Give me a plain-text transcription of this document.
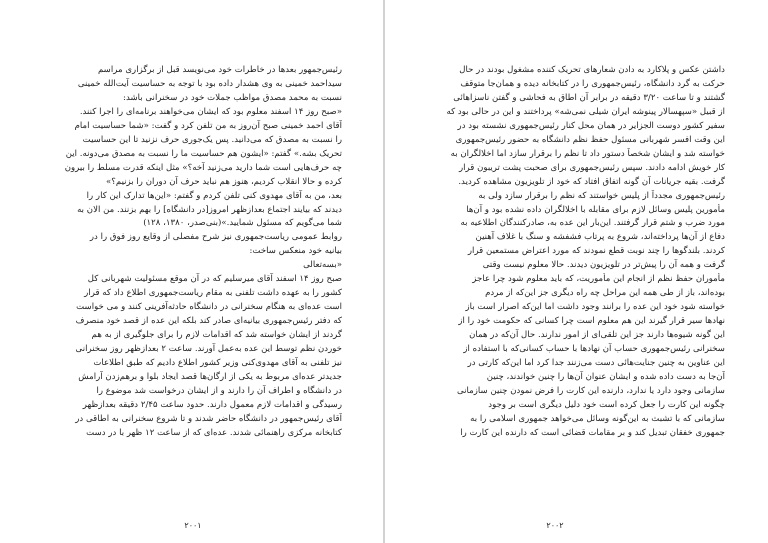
رئیس‌جمهور بعدها در خاطرات خود می‌نویسد قبل از برگزاری مراسم
سیداحمد خمینی به وی هشدار داده بود با توجه به حساسیت آیت‌الله خمینی
نسبت به محمد مصدق مواظب جملات خود در سخنرانی باشد:
«صبح روز ۱۴ اسفند معلوم بود که ایشان می‌خواهند برنامه‌ای را اجرا کنند.
آقای احمد خمینی صبح آن‌روز به من تلفن کرد و گفت: «شما حساسیت امام
را نسبت به مصدق که می‌دانید. پس یک‌جوری حرف نزنید تا این حساسیت
تحریک بشه.» گفتم: «ایشون هم حساسیت ما را نسبت به مصدق می‌دونه. این
چه حرف‌هایی است شما دارید می‌زنید آخه؟» مثل اینکه قدرت مسلط را بیرون
کرده و حالا انقلاب کردیم، هنوز هم نباید حرف آن دوران را بزنیم؟»
بعد، من به آقای مهدوی کنی تلفن کردم و گفتم: «این‌ها تدارک این کار را
دیدند که بیایند اجتماع بعدازظهر امروز[در دانشگاه] را بهم بزنند. من الان به
شما می‌گویم که مسئول شمایید.»(بنی‌صدر، ۱۳۸۰، ۱۲۸)
روابط عمومی ریاست‌جمهوری نیز شرح مفصلی از وقایع روز فوق را در
بیانیه خود منعکس ساخت:
«بسه‌تعالی
صبح روز ۱۴ اسفند آقای میرسلیم که در آن موقع مسئولیت شهربانی کل
کشور را به عهده داشت تلفنی به مقام ریاست‌جمهوری اطلاع داد که قرار
است عده‌ای به هنگام سخنرانی در دانشگاه حادثه‌آفرینی کنند و می خواست
که دفتر رئیس‌جمهوری بیانیه‌ای صادر کند بلکه این عده از قصد خود منصرف
گردند از ایشان خواسته شد که اقدامات لازم را برای جلوگیری از به هم
خوردن نظم توسط این عده به‌عمل آورند. ساعت ۲ بعدازظهر روز سخنرانی
نیز تلفنی به آقای مهدوی‌کنی وزیر کشور اطلاع دادیم که طبق اطلاعات
جدیدتر عده‌ای مربوط به یکی از ارگان‌ها قصد ایجاد بلوا و برهم‌زدن آرامش
در دانشگاه و اطراف آن را دارند و از ایشان درخواست شد موضوع را
رسیدگی و اقدامات لازم معمول دارند. حدود ساعت ۲/۴۵ دقیقه بعدازظهر
آقای رئیس‌جمهور در دانشگاه حاضر شدند و تا شروع سخنرانی به اطاقی در
کتابخانه مرکزی راهنمائی شدند. عده‌ای که از ساعت ۱۲ ظهر با در دست
۲۰۰۱
داشتن عکس و پلاکارد به دادن شعارهای تحریک کننده مشغول بودند در حال
حرکت به گرد دانشگاه، رئیس‌جمهوری را در کتابخانه دیده و همان‌جا متوقف
گشتند و تا ساعت ۳/۲۰ دقیقه در برابر آن اطاق به فحاشی و گفتن ناسزاهائی
از قبیل «سپهسالار پینوشه ایران شیلی نمی‌شه» پرداختند و این در حالی بود که
سفیر کشور دوست الجزایر در همان محل کنار رئیس‌جمهوری نشسته بود در
این وقت افسر شهربانی مسئول حفظ نظم دانشگاه به حضور رئیس‌جمهوری
خواسته شد و ایشان شخصاً دستور داد تا نظم را برقرار سازد اما اخلالگران به
کار خویش ادامه دادند. سپس رئیس‌جمهوری برای صحبت پشت تریبون قرار
گرفت. بقیه جریانات آن گونه اتفاق افتاد که خود از تلویزیون مشاهده کردید.
رئیس‌جمهوری مجدداً از پلیس خواستند که نظم را برقرار سازد ولی به
مأمورین پلیس وسائل لازم برای مقابله با اخلالگران داده نشده بود و آن‌ها
مورد ضرب و شتم قرار گرفتند. این‌بار این عده به، صادرکنندگان اطلاعیه به
دفاع از آن‌ها پرداخته‌اند، شروع به پرتاب فشفشه و سنگ با غلاف آهنین
کردند. بلندگوها را چند نوبت قطع نمودند که مورد اعتراض مستمعین قرار
گرفت و همه آن را پیش‌تر در تلویزیون دیدند. حالا معلوم نیست وقتی
مأموران حفظ نظم از انجام این مأموریت، که باید معلوم شود چرا عاجز
بوده‌اند، باز از طی همه این مراحل چه راه دیگری جز این‌که از مردم
خواسته شود خود این عده را برانند وجود داشت اما این‌که اصرار است باز
نهادها سیر قرار گیرند این هم معلوم است چرا کسانی که حکومت خود را از
این گونه شیوه‌ها دارند جز این تلقی‌ای از امور ندارند. حال آن‌که در همان
سخنرانی رئیس‌جمهوری حساب آن نهادها با حساب کسانی‌که با استفاده از
این عناوین به چنین جنایت‌هائی دست می‌زنند جدا کرد اما این‌که کارتی در
آن‌جا به دست داده شده و ایشان عنوان آن‌ها را چنین خواندند، چنین
سازمانی وجود دارد یا ندارد، دارنده این کارت را فرض نمودن چنین سازمانی
چگونه این کارت را جعل کرده است خود دلیل دیگری است بر وجود
سازمانی که با تشبث به این‌گونه وسائل می‌خواهد جمهوری اسلامی را به
جمهوری خفقان تبدیل کند و بر مقامات قضائی است که دارنده این کارت را
۲۰۰۲
